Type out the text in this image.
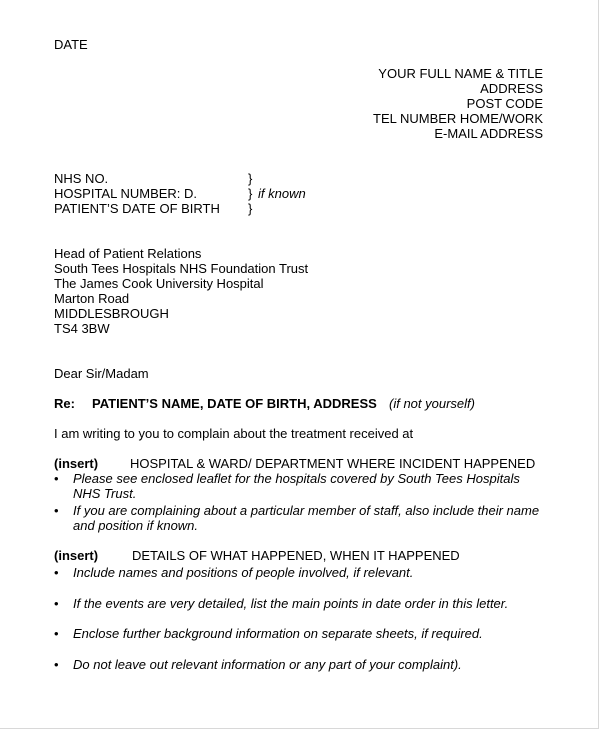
DATE
YOUR FULL NAME & TITLE
ADDRESS
POST CODE
TEL NUMBER HOME/WORK
E-MAIL ADDRESS
NHS NO.	}
HOSPITAL NUMBER: D.	} if known
PATIENT’S DATE OF BIRTH }
Head of Patient Relations
South Tees Hospitals NHS Foundation Trust
The James Cook University Hospital
Marton Road
MIDDLESBROUGH
TS4 3BW
Dear Sir/Madam
Re: PATIENT’S NAME, DATE OF BIRTH, ADDRESS (if not yourself)
I am writing to you to complain about the treatment received at
(insert) HOSPITAL & WARD/ DEPARTMENT WHERE INCIDENT HAPPENED
• Please see enclosed leaflet for the hospitals covered by South Tees Hospitals
NHS Trust.
• If you are complaining about a particular member of staff, also include their name
and position if known.
(insert)	DETAILS OF WHAT HAPPENED, WHEN IT HAPPENED
• Include names and positions of people involved, if relevant.
• If the events are very detailed, list the main points in date order in this letter.
• Enclose further background information on separate sheets, if required.
• Do not leave out relevant information or any part of your complaint).
